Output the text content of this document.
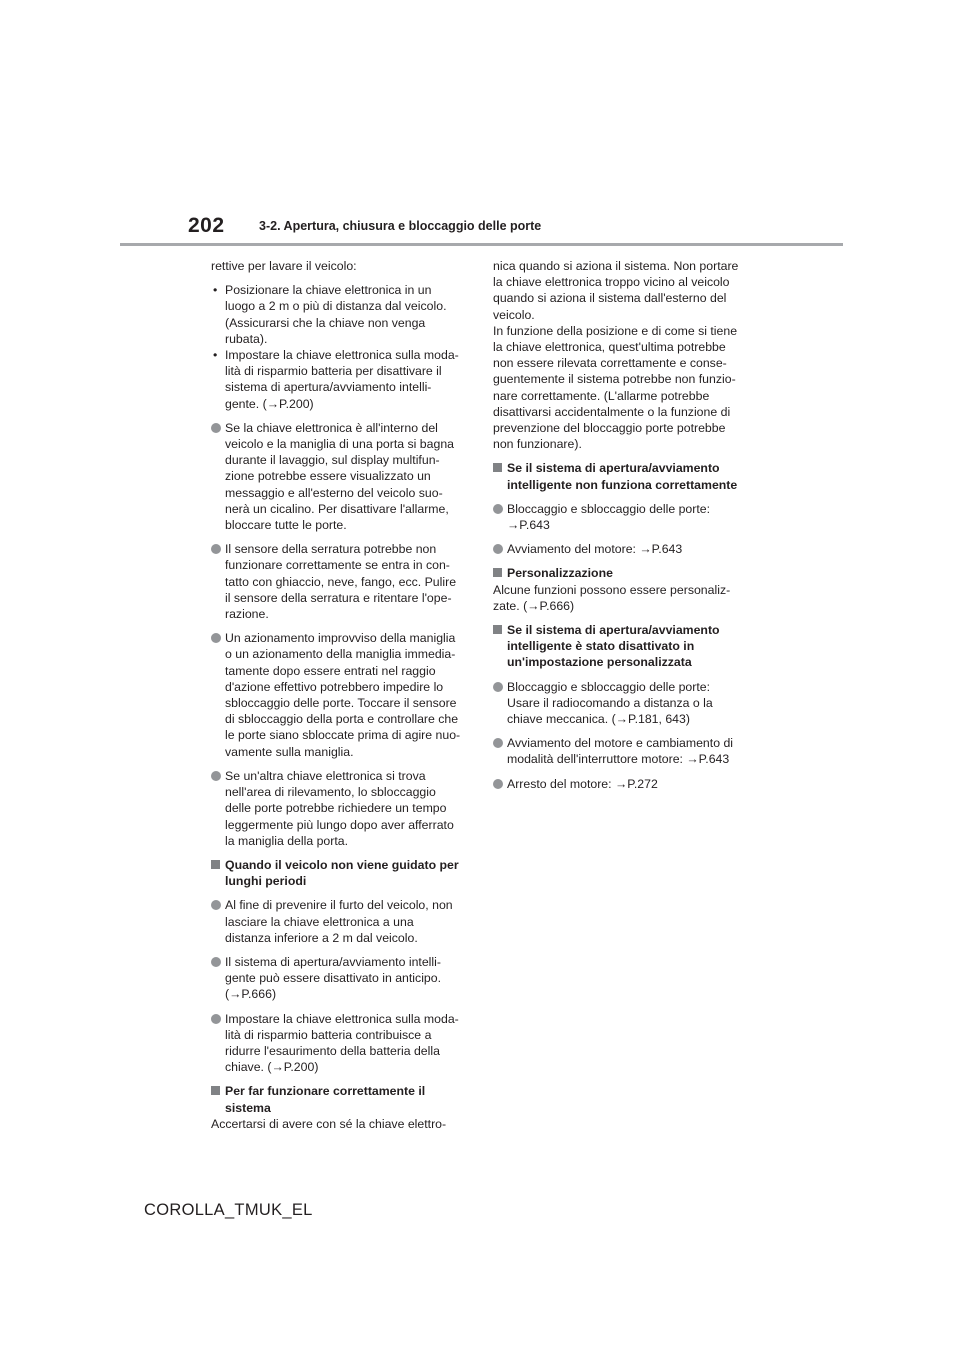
202	3-2. Apertura, chiusura e bloccaggio delle porte
rettive per lavare il veicolo:
• Posizionare la chiave elettronica in un
luogo a 2 m o più di distanza dal veicolo.
(Assicurarsi che la chiave non venga
rubata).
• Impostare la chiave elettronica sulla moda-
lità di risparmio batteria per disattivare il
sistema di apertura/avviamento intelli-
gente. (→P.200)
Se la chiave elettronica è all'interno del
veicolo e la maniglia di una porta si bagna
durante il lavaggio, sul display multifun-
zione potrebbe essere visualizzato un
messaggio e all'esterno del veicolo suo-
nerà un cicalino. Per disattivare l'allarme,
bloccare tutte le porte.
Il sensore della serratura potrebbe non
funzionare correttamente se entra in con-
tatto con ghiaccio, neve, fango, ecc. Pulire
il sensore della serratura e ritentare l'ope-
razione.
Un azionamento improvviso della maniglia
o un azionamento della maniglia immedia-
tamente dopo essere entrati nel raggio
d'azione effettivo potrebbero impedire lo
sbloccaggio delle porte. Toccare il sensore
di sbloccaggio della porta e controllare che
le porte siano sbloccate prima di agire nuo-
vamente sulla maniglia.
Se un'altra chiave elettronica si trova
nell'area di rilevamento, lo sbloccaggio
delle porte potrebbe richiedere un tempo
leggermente più lungo dopo aver afferrato
la maniglia della porta.
Quando il veicolo non viene guidato per
lunghi periodi
Al fine di prevenire il furto del veicolo, non
lasciare la chiave elettronica a una
distanza inferiore a 2 m dal veicolo.
Il sistema di apertura/avviamento intelli-
gente può essere disattivato in anticipo.
(→P.666)
Impostare la chiave elettronica sulla moda-
lità di risparmio batteria contribuisce a
ridurre l'esaurimento della batteria della
chiave. (→P.200)
Per far funzionare correttamente il
sistema
Accertarsi di avere con sé la chiave elettro-
nica quando si aziona il sistema. Non portare
la chiave elettronica troppo vicino al veicolo
quando si aziona il sistema dall'esterno del
veicolo.
In funzione della posizione e di come si tiene
la chiave elettronica, quest'ultima potrebbe
non essere rilevata correttamente e conse-
guentemente il sistema potrebbe non funzio-
nare correttamente. (L'allarme potrebbe
disattivarsi accidentalmente o la funzione di
prevenzione del bloccaggio porte potrebbe
non funzionare).
Se il sistema di apertura/avviamento
intelligente non funziona correttamente
Bloccaggio e sbloccaggio delle porte:
→P.643
Avviamento del motore: →P.643
Personalizzazione
Alcune funzioni possono essere personaliz-
zate. (→P.666)
Se il sistema di apertura/avviamento
intelligente è stato disattivato in
un'impostazione personalizzata
Bloccaggio e sbloccaggio delle porte:
Usare il radiocomando a distanza o la
chiave meccanica. (→P.181, 643)
Avviamento del motore e cambiamento di
modalità dell'interruttore motore: →P.643
Arresto del motore: →P.272
COROLLA_TMUK_EL
